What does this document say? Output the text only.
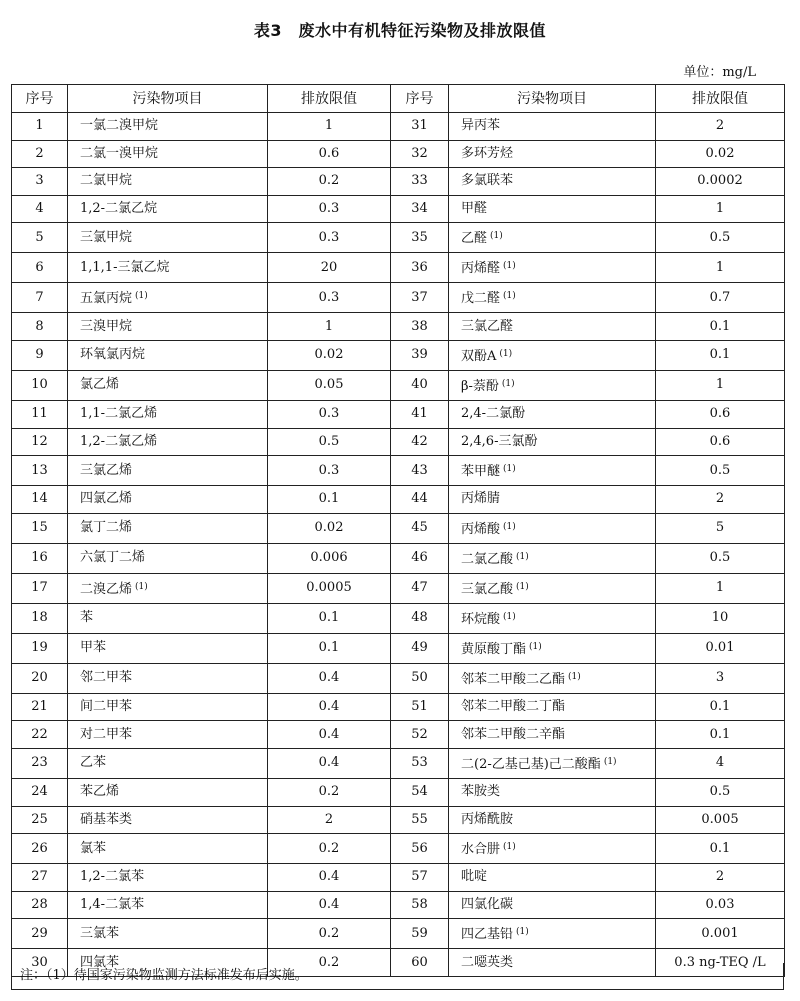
表3　废水中有机特征污染物及排放限值
单位：mg/L
序号	污染物项目	排放限值	序号	污染物项目	排放限值
1	一氯二溴甲烷	1	31	异丙苯	2
2	二氯一溴甲烷	0.6	32	多环芳烃	0.02
3	二氯甲烷	0.2	33	多氯联苯	0.0002
4	1,2-二氯乙烷	0.3	34	甲醛	1
5	三氯甲烷	0.3	35	乙醛 $^{(1)}$	0.5
6	1,1,1-三氯乙烷	20	36	丙烯醛 $^{(1)}$	1
7	五氯丙烷 $^{(1)}$	0.3	37	戊二醛 $^{(1)}$	0.7
8	三溴甲烷	1	38	三氯乙醛	0.1
9	环氧氯丙烷	0.02	39	双酚A $^{(1)}$	0.1
10	氯乙烯	0.05	40	β-萘酚 $^{(1)}$	1
11	1,1-二氯乙烯	0.3	41	2,4-二氯酚	0.6
12	1,2-二氯乙烯	0.5	42	2,4,6-三氯酚	0.6
13	三氯乙烯	0.3	43	苯甲醚 $^{(1)}$	0.5
14	四氯乙烯	0.1	44	丙烯腈	2
15	氯丁二烯	0.02	45	丙烯酸 $^{(1)}$	5
16	六氯丁二烯	0.006	46	二氯乙酸 $^{(1)}$	0.5
17	二溴乙烯 $^{(1)}$	0.0005	47	三氯乙酸 $^{(1)}$	1
18	苯	0.1	48	环烷酸 $^{(1)}$	10
19	甲苯	0.1	49	黄原酸丁酯 $^{(1)}$	0.01
20	邻二甲苯	0.4	50	邻苯二甲酸二乙酯 $^{(1)}$	3
21	间二甲苯	0.4	51	邻苯二甲酸二丁酯	0.1
22	对二甲苯	0.4	52	邻苯二甲酸二辛酯	0.1
23	乙苯	0.4	53	二(2-乙基己基)己二酸酯 $^{(1)}$	4
24	苯乙烯	0.2	54	苯胺类	0.5
25	硝基苯类	2	55	丙烯酰胺	0.005
26	氯苯	0.2	56	水合肼 $^{(1)}$	0.1
27	1,2-二氯苯	0.4	57	吡啶	2
28	1,4-二氯苯	0.4	58	四氯化碳	0.03
29	三氯苯	0.2	59	四乙基铅 $^{(1)}$	0.001
30	四氯苯	0.2	60	二噁英类	0.3 ng-TEQ /L
注：（1）待国家污染物监测方法标准发布后实施。
